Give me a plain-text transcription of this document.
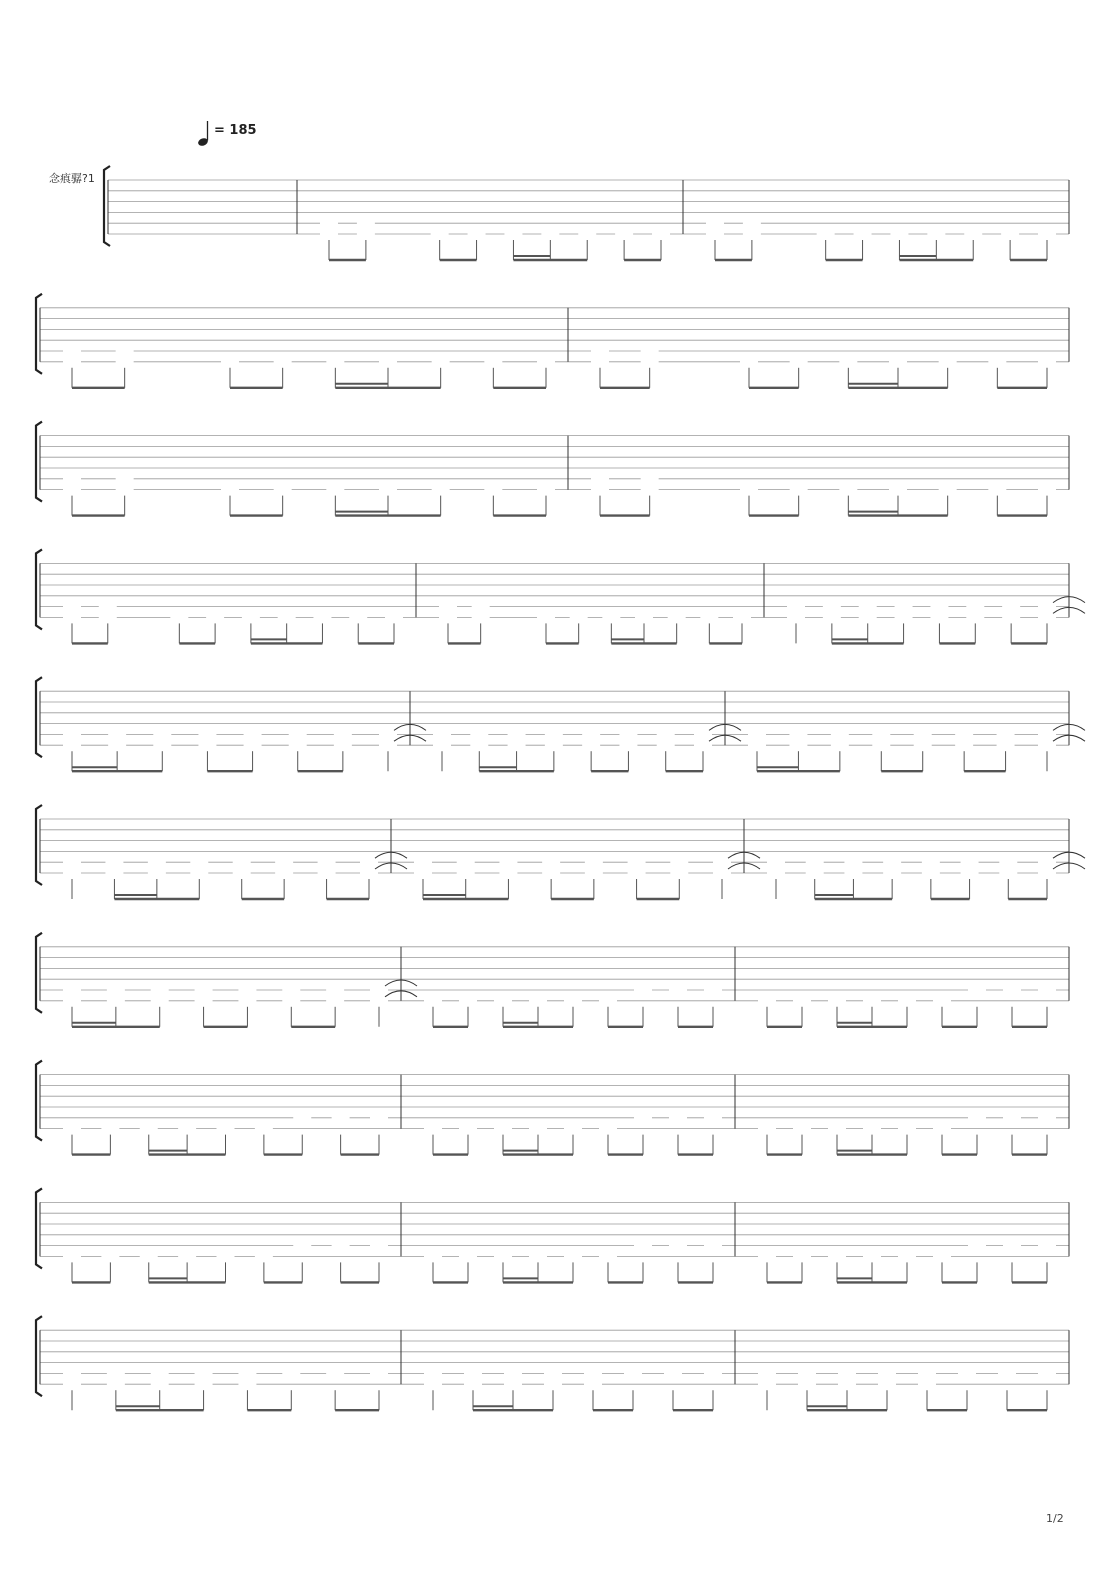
= 185
念㾗骣?1
1/2
